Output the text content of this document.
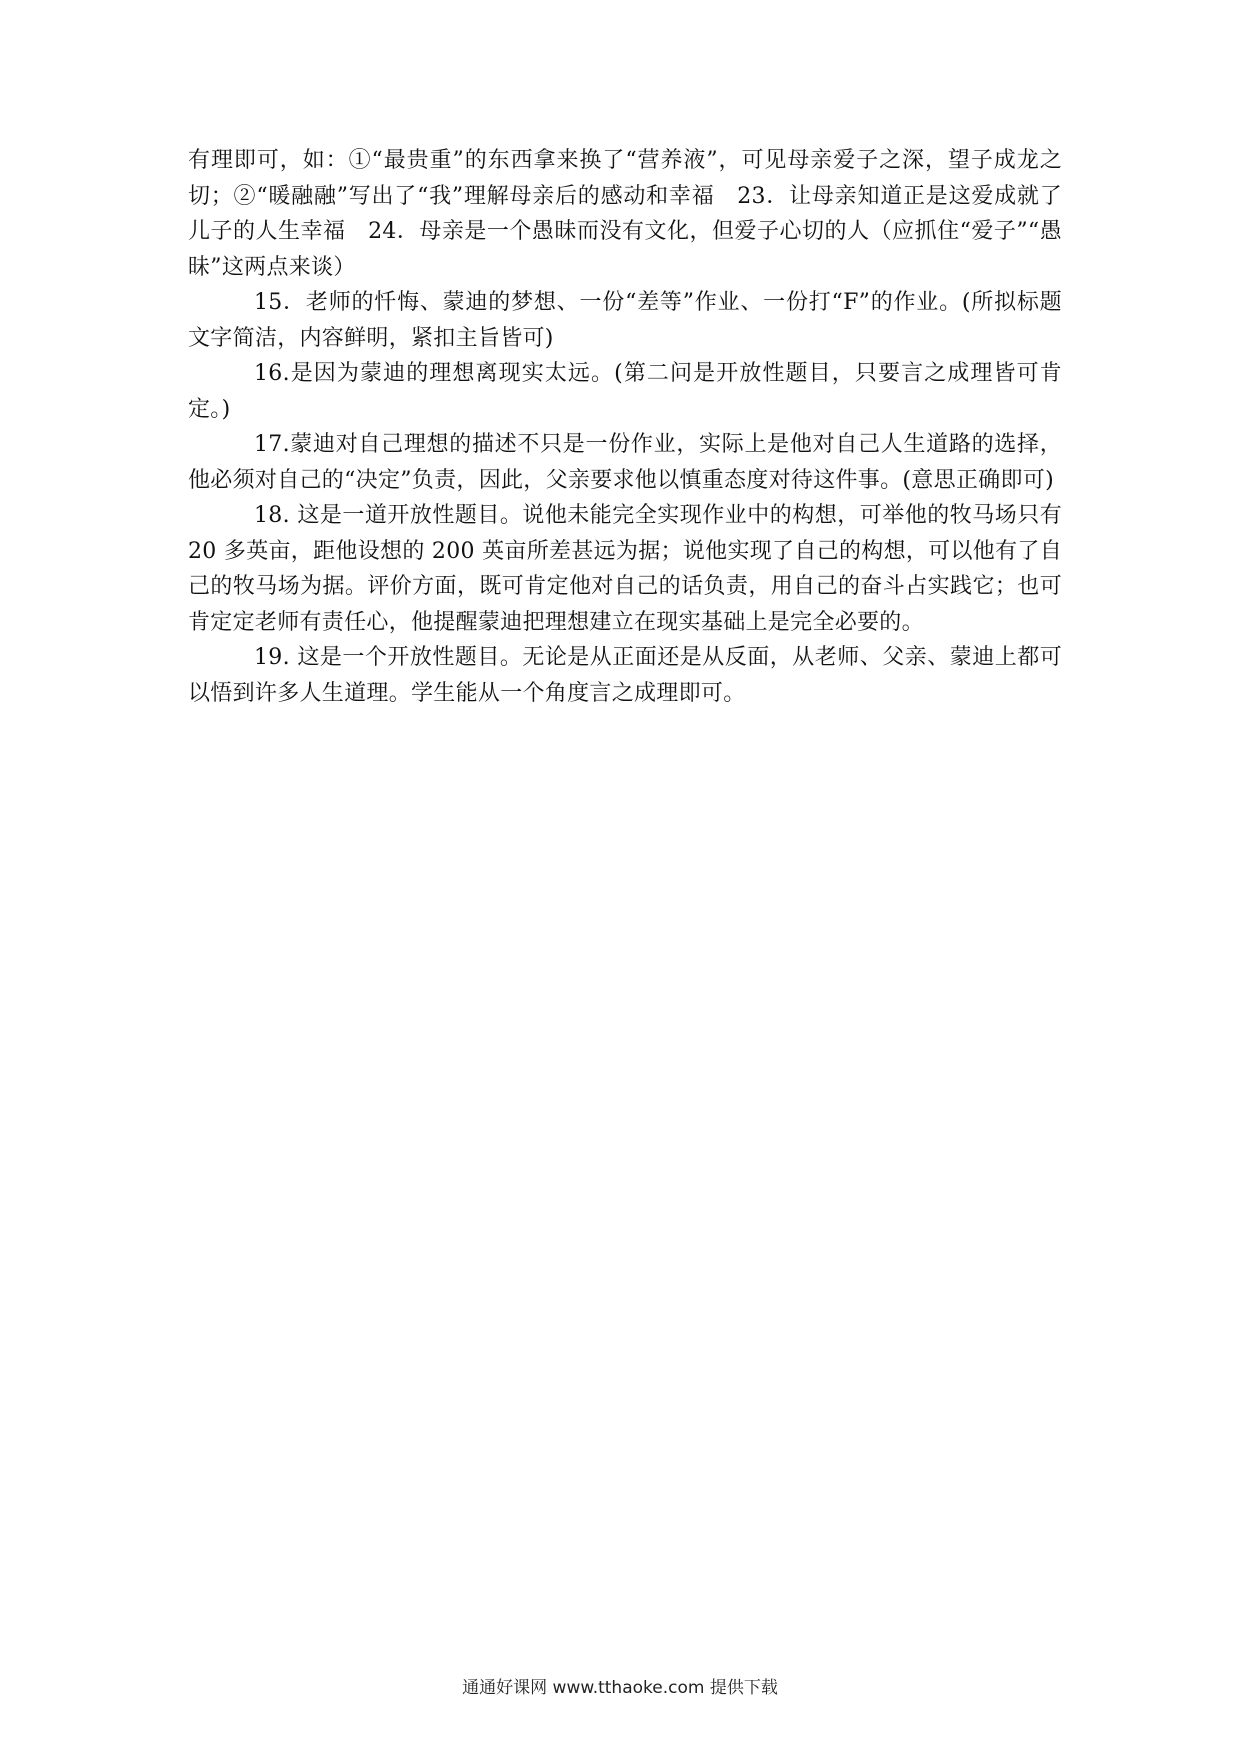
有理即可，如：①“最贵重”的东西拿来换了“营养液”，可见母亲爱子之深，望子成龙之切；②“暖融融”写出了“我”理解母亲后的感动和幸福　23．让母亲知道正是这爱成就了儿子的人生幸福　24．母亲是一个愚昧而没有文化，但爱子心切的人（应抓住“爱子”“愚昧”这两点来谈）

15．老师的忏悔、蒙迪的梦想、一份“差等”作业、一份打“F”的作业。(所拟标题文字简洁，内容鲜明，紧扣主旨皆可)

16.是因为蒙迪的理想离现实太远。(第二问是开放性题目，只要言之成理皆可肯定。)

17.蒙迪对自己理想的描述不只是一份作业，实际上是他对自己人生道路的选择，他必须对自己的“决定”负责，因此，父亲要求他以慎重态度对待这件事。(意思正确即可)

18. 这是一道开放性题目。说他未能完全实现作业中的构想，可举他的牧马场只有 20 多英亩，距他设想的 200 英亩所差甚远为据；说他实现了自己的构想，可以他有了自己的牧马场为据。评价方面，既可肯定他对自己的话负责，用自己的奋斗占实践它；也可肯定定老师有责任心，他提醒蒙迪把理想建立在现实基础上是完全必要的。

19. 这是一个开放性题目。无论是从正面还是从反面，从老师、父亲、蒙迪上都可以悟到许多人生道理。学生能从一个角度言之成理即可。

通通好课网 www.tthaoke.com 提供下载
